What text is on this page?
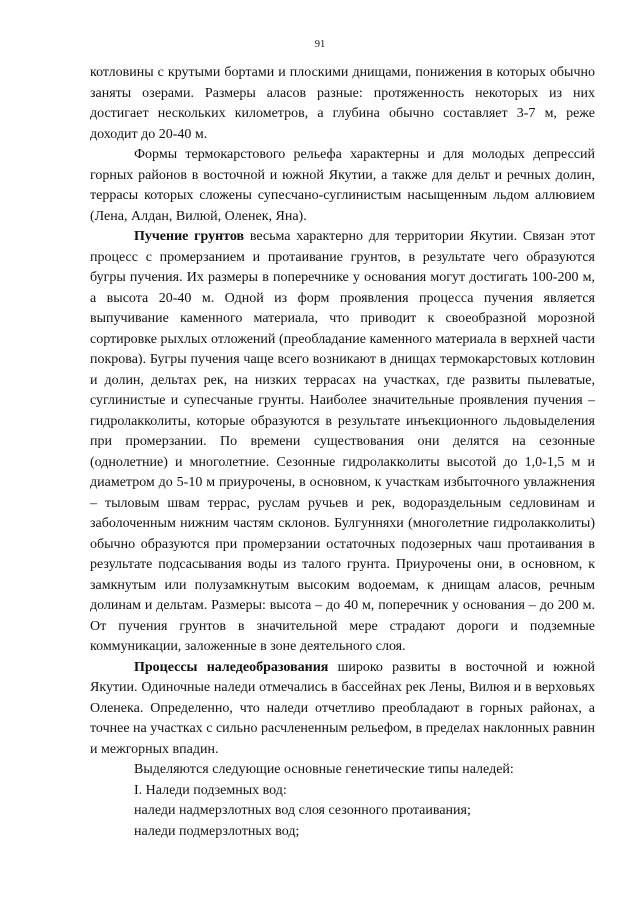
91

котловины с крутыми бортами и плоскими днищами, понижения в которых обычно заняты озерами. Размеры аласов разные: протяженность некоторых из них достигает нескольких километров, а глубина обычно составляет 3-7 м, реже доходит до 20-40 м.

Формы термокарстового рельефа характерны и для молодых депрессий горных районов в восточной и южной Якутии, а также для дельт и речных долин, террасы которых сложены супесчано-суглинистым насыщенным льдом аллювием (Лена, Алдан, Вилюй, Оленек, Яна).

Пучение грунтов весьма характерно для территории Якутии. Связан этот процесс с промерзанием и протаивание грунтов, в результате чего образуются бугры пучения. Их размеры в поперечнике у основания могут достигать 100-200 м, а высота 20-40 м. Одной из форм проявления процесса пучения является выпучивание каменного материала, что приводит к своеобразной морозной сортировке рыхлых отложений (преобладание каменного материала в верхней части покрова). Бугры пучения чаще всего возникают в днищах термокарстовых котловин и долин, дельтах рек, на низких террасах на участках, где развиты пылеватые, суглинистые и супесчаные грунты. Наиболее значительные проявления пучения – гидролакколиты, которые образуются в результате инъекционного льдовыделения при промерзании. По времени существования они делятся на сезонные (однолетние) и многолетние. Сезонные гидролакколиты высотой до 1,0-1,5 м и диаметром до 5-10 м приурочены, в основном, к участкам избыточного увлажнения – тыловым швам террас, руслам ручьев и рек, водораздельным седловинам и заболоченным нижним частям склонов. Булгунняхи (многолетние гидролакколиты) обычно образуются при промерзании остаточных подозерных чаш протаивания в результате подсасывания воды из талого грунта. Приурочены они, в основном, к замкнутым или полузамкнутым высоким водоемам, к днищам аласов, речным долинам и дельтам. Размеры: высота – до 40 м, поперечник у основания – до 200 м. От пучения грунтов в значительной мере страдают дороги и подземные коммуникации, заложенные в зоне деятельного слоя.

Процессы наледеобразования широко развиты в восточной и южной Якутии. Одиночные наледи отмечались в бассейнах рек Лены, Вилюя и в верховьях Оленека. Определенно, что наледи отчетливо преобладают в горных районах, а точнее на участках с сильно расчлененным рельефом, в пределах наклонных равнин и межгорных впадин.

Выделяются следующие основные генетические типы наледей:

I. Наледи подземных вод:

наледи надмерзлотных вод слоя сезонного протаивания;

наледи подмерзлотных вод;
